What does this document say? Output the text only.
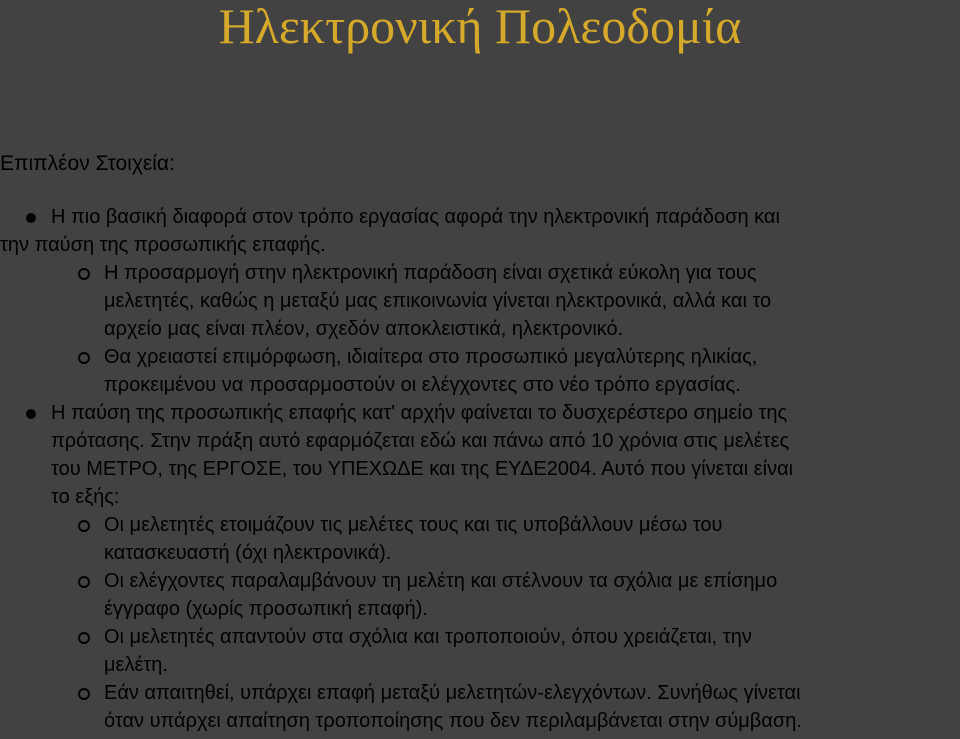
Ηλεκτρονική Πολεοδομία
Επιπλέον Στοιχεία:
Η πιο βασική διαφορά στον τρόπο εργασίας αφορά την ηλεκτρονική παράδοση και
την παύση της προσωπικής επαφής.
Η προσαρμογή στην ηλεκτρονική παράδοση είναι σχετικά εύκολη για τους
μελετητές, καθώς η μεταξύ μας επικοινωνία γίνεται ηλεκτρονικά, αλλά και το
αρχείο μας είναι πλέον, σχεδόν αποκλειστικά, ηλεκτρονικό.
Θα χρειαστεί επιμόρφωση, ιδιαίτερα στο προσωπικό μεγαλύτερης ηλικίας,
προκειμένου να προσαρμοστούν οι ελέγχοντες στο νέο τρόπο εργασίας.
Η παύση της προσωπικής επαφής κατ' αρχήν φαίνεται το δυσχερέστερο σημείο της
πρότασης. Στην πράξη αυτό εφαρμόζεται εδώ και πάνω από 10 χρόνια στις μελέτες
του ΜΕΤΡΟ, της ΕΡΓΟΣΕ, του ΥΠΕΧΩΔΕ και της ΕΥΔΕ2004. Αυτό που γίνεται είναι
το εξής:
Οι μελετητές ετοιμάζουν τις μελέτες τους και τις υποβάλλουν μέσω του
κατασκευαστή (όχι ηλεκτρονικά).
Οι ελέγχοντες παραλαμβάνουν τη μελέτη και στέλνουν τα σχόλια με επίσημο
έγγραφο (χωρίς προσωπική επαφή).
Οι μελετητές απαντούν στα σχόλια και τροποποιούν, όπου χρειάζεται, την
μελέτη.
Εάν απαιτηθεί, υπάρχει επαφή μεταξύ μελετητών-ελεγχόντων. Συνήθως γίνεται
όταν υπάρχει απαίτηση τροποποίησης που δεν περιλαμβάνεται στην σύμβαση.
